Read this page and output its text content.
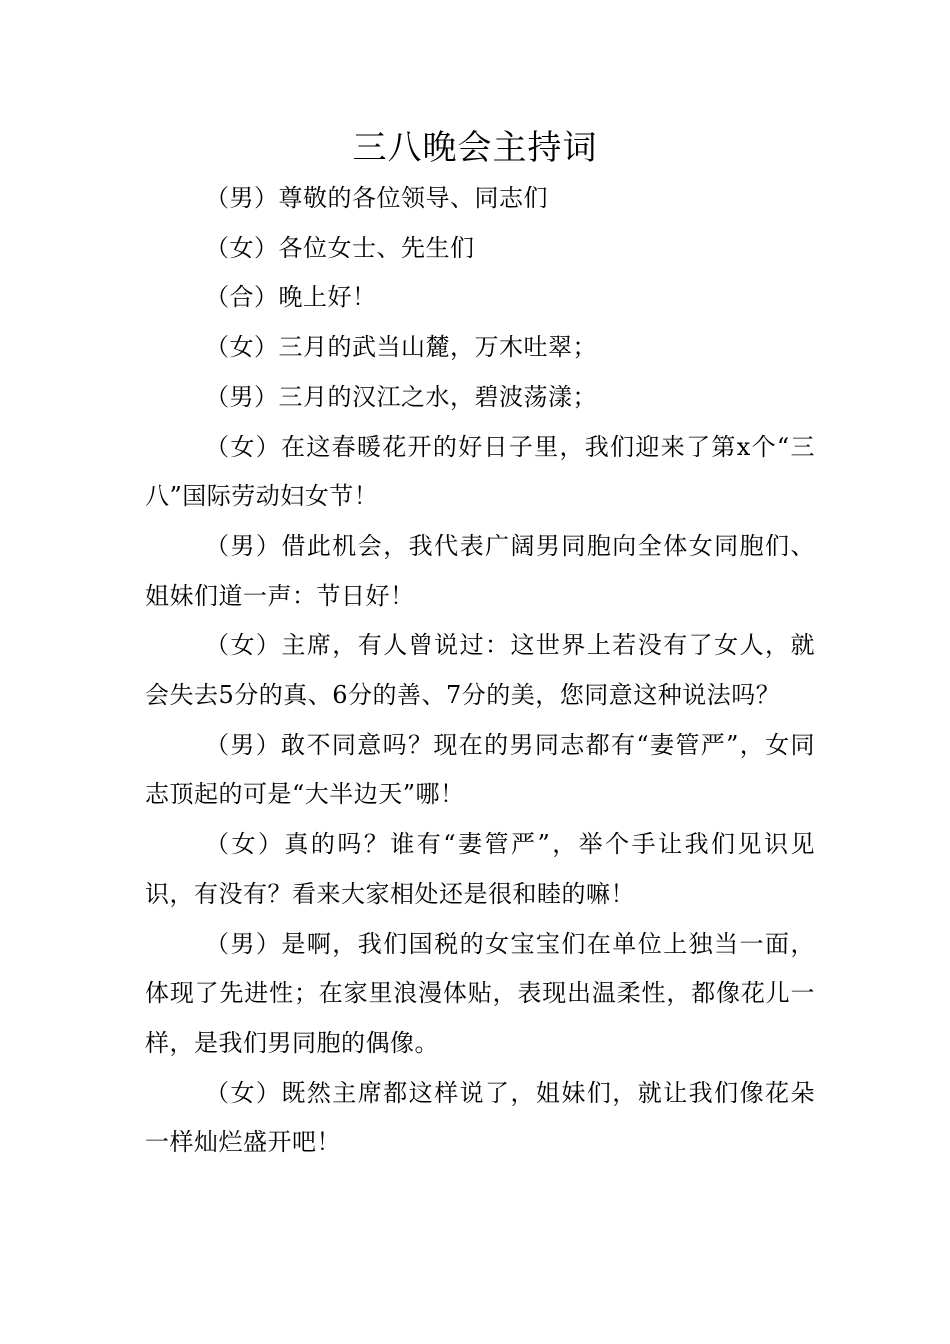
三八晚会主持词

（男）尊敬的各位领导、同志们

（女）各位女士、先生们

（合）晚上好！

（女）三月的武当山麓，万木吐翠；

（男）三月的汉江之水，碧波荡漾；

（女）在这春暖花开的好日子里，我们迎来了第x个“三八”国际劳动妇女节！

（男）借此机会，我代表广阔男同胞向全体女同胞们、姐妹们道一声：节日好！

（女）主席，有人曾说过：这世界上若没有了女人，就会失去5分的真、6分的善、7分的美，您同意这种说法吗？

（男）敢不同意吗？现在的男同志都有“妻管严”，女同志顶起的可是“大半边天”哪！

（女）真的吗？谁有“妻管严”，举个手让我们见识见识，有没有？看来大家相处还是很和睦的嘛！

（男）是啊，我们国税的女宝宝们在单位上独当一面，体现了先进性；在家里浪漫体贴，表现出温柔性，都像花儿一样，是我们男同胞的偶像。

（女）既然主席都这样说了，姐妹们，就让我们像花朵一样灿烂盛开吧！
